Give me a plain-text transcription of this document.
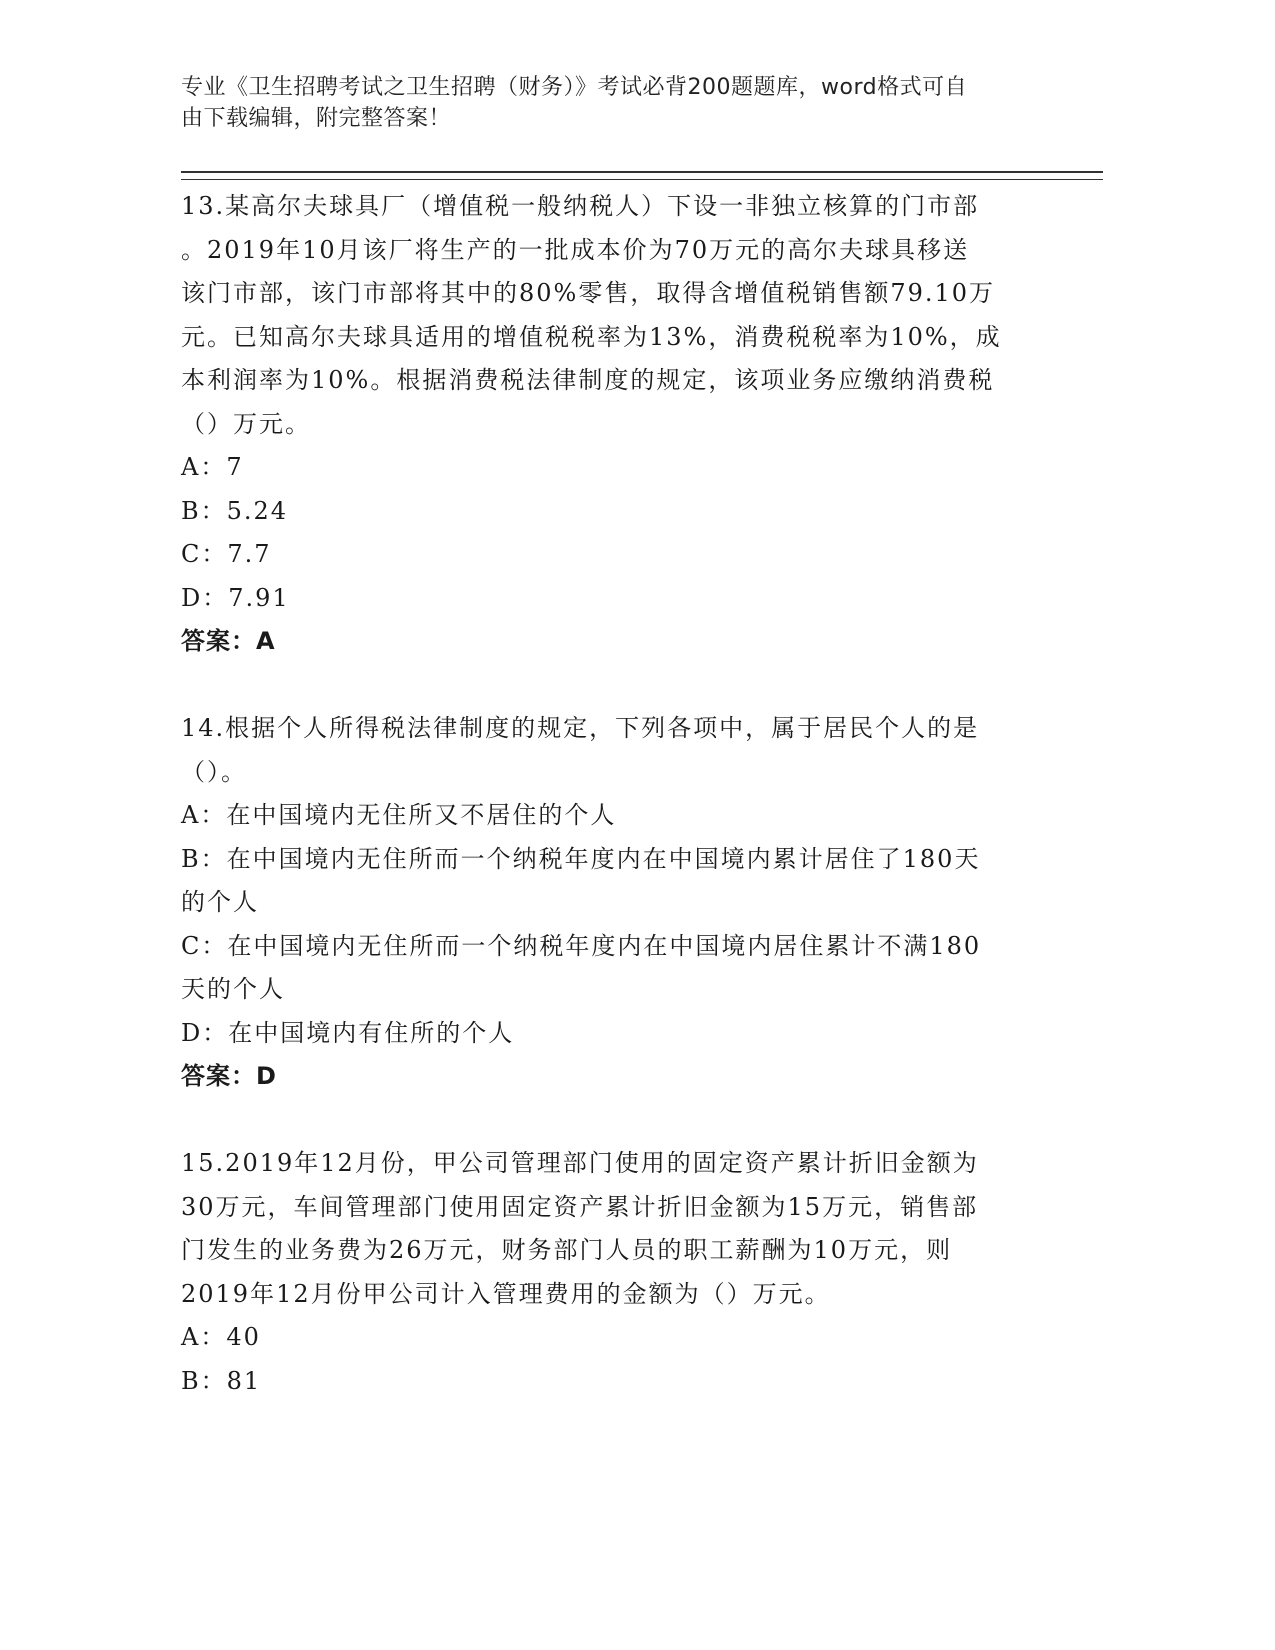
专业《卫生招聘考试之卫生招聘（财务）》考试必背200题题库，word格式可自
由下载编辑，附完整答案！
13.某高尔夫球具厂（增值税一般纳税人）下设一非独立核算的门市部
。2019年10月该厂将生产的一批成本价为70万元的高尔夫球具移送
该门市部，该门市部将其中的80%零售，取得含增值税销售额79.10万
元。已知高尔夫球具适用的增值税税率为13%，消费税税率为10%，成
本利润率为10%。根据消费税法律制度的规定，该项业务应缴纳消费税
（）万元。
A：7
B：5.24
C：7.7
D：7.91
答案：A
14.根据个人所得税法律制度的规定，下列各项中，属于居民个人的是
（）。
A：在中国境内无住所又不居住的个人
B：在中国境内无住所而一个纳税年度内在中国境内累计居住了180天
的个人
C：在中国境内无住所而一个纳税年度内在中国境内居住累计不满180
天的个人
D：在中国境内有住所的个人
答案：D
15.2019年12月份，甲公司管理部门使用的固定资产累计折旧金额为
30万元，车间管理部门使用固定资产累计折旧金额为15万元，销售部
门发生的业务费为26万元，财务部门人员的职工薪酬为10万元，则
2019年12月份甲公司计入管理费用的金额为（）万元。
A：40
B：81
